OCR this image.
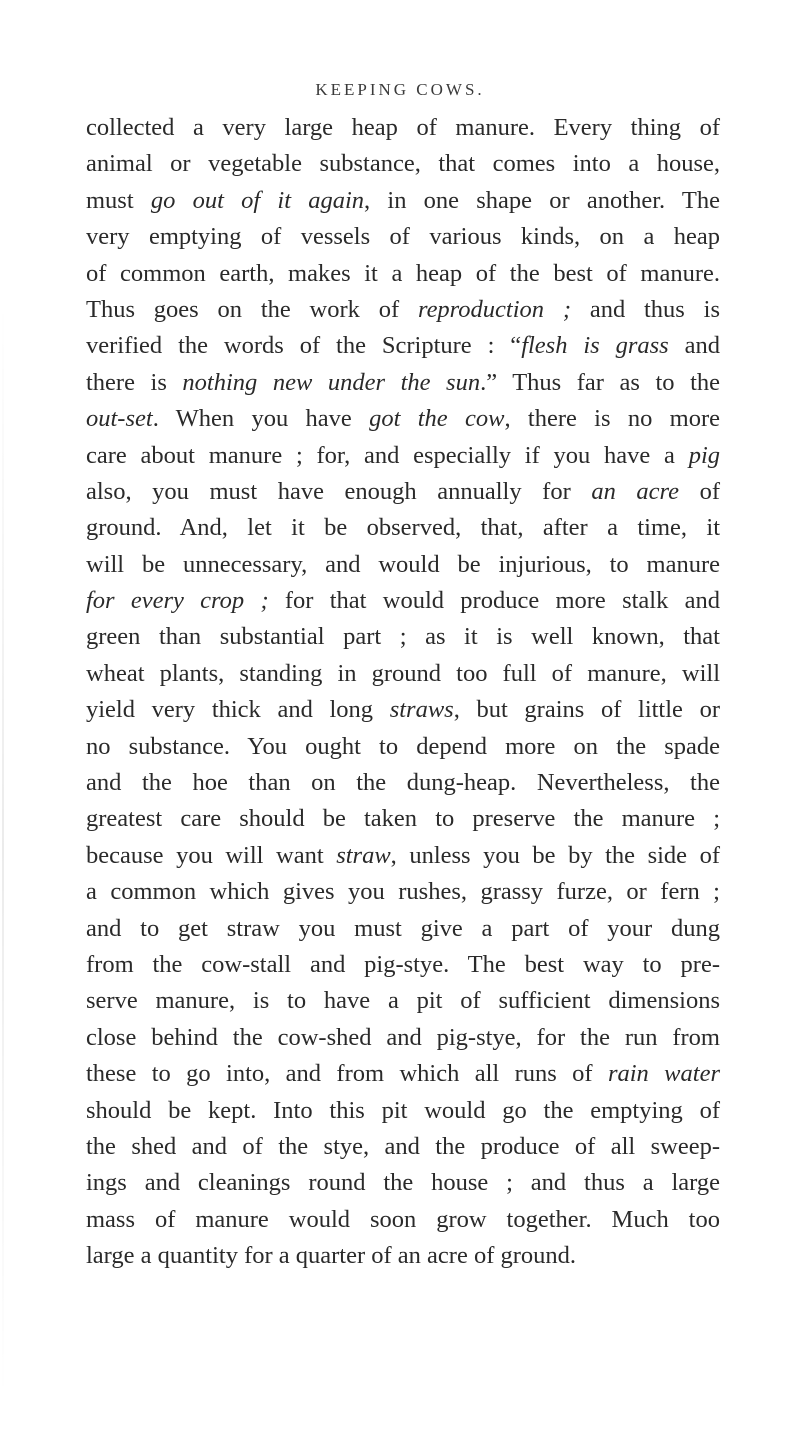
KEEPING COWS.
collected a very large heap of manure. Every thing of
animal or vegetable substance, that comes into a house,
must go out of it again, in one shape or another. The
very emptying of vessels of various kinds, on a heap
of common earth, makes it a heap of the best of manure.
Thus goes on the work of reproduction ; and thus is
verified the words of the Scripture : “flesh is grass and
there is nothing new under the sun.” Thus far as to the
out-set. When you have got the cow, there is no more
care about manure ; for, and especially if you have a pig
also, you must have enough annually for an acre of
ground. And, let it be observed, that, after a time, it
will be unnecessary, and would be injurious, to manure
for every crop ; for that would produce more stalk and
green than substantial part ; as it is well known, that
wheat plants, standing in ground too full of manure, will
yield very thick and long straws, but grains of little or
no substance. You ought to depend more on the spade
and the hoe than on the dung-heap. Nevertheless, the
greatest care should be taken to preserve the manure ;
because you will want straw, unless you be by the side of
a common which gives you rushes, grassy furze, or fern ;
and to get straw you must give a part of your dung
from the cow-stall and pig-stye. The best way to pre-
serve manure, is to have a pit of sufficient dimensions
close behind the cow-shed and pig-stye, for the run from
these to go into, and from which all runs of rain water
should be kept. Into this pit would go the emptying of
the shed and of the stye, and the produce of all sweep-
ings and cleanings round the house ; and thus a large
mass of manure would soon grow together. Much too
large a quantity for a quarter of an acre of ground.
